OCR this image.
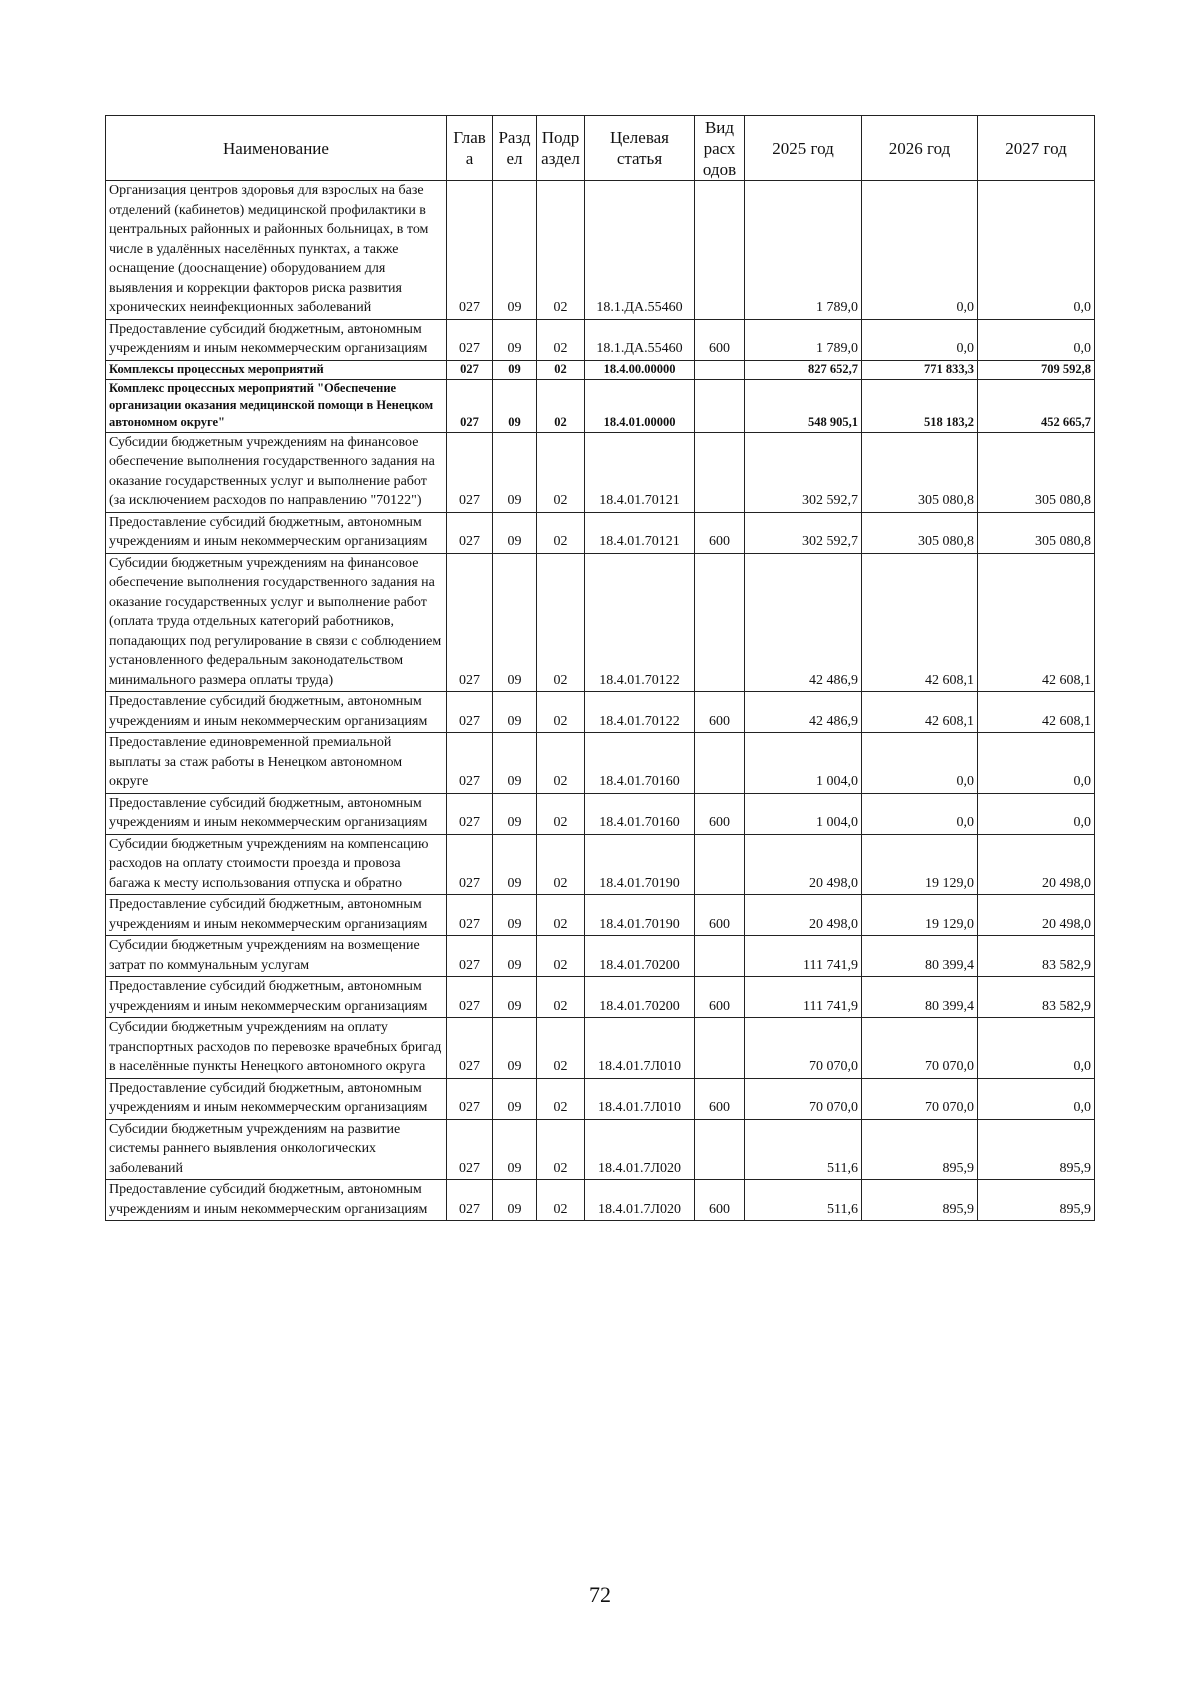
Наименование	Глав а	Разд ел	Подр аздел	Целевая статья	Вид расх одов	2025 год	2026 год	2027 год
Организация центров здоровья для взрослых на базе отделений (кабинетов) медицинской профилактики в центральных районных и районных больницах, в том числе в удалённых населённых пунктах, а также оснащение (дооснащение) оборудованием для выявления и коррекции факторов риска развития хронических неинфекционных заболеваний	027	09	02	18.1.ДА.55460		1 789,0	0,0	0,0
Предоставление субсидий бюджетным, автономным учреждениям и иным некоммерческим организациям	027	09	02	18.1.ДА.55460	600	1 789,0	0,0	0,0
Комплексы процессных мероприятий	027	09	02	18.4.00.00000		827 652,7	771 833,3	709 592,8
Комплекс процессных мероприятий "Обеспечение организации оказания медицинской помощи в Ненецком автономном округе"	027	09	02	18.4.01.00000		548 905,1	518 183,2	452 665,7
Субсидии бюджетным учреждениям на финансовое обеспечение выполнения государственного задания на оказание государственных услуг и выполнение работ (за исключением расходов по направлению "70122")	027	09	02	18.4.01.70121		302 592,7	305 080,8	305 080,8
Предоставление субсидий бюджетным, автономным учреждениям и иным некоммерческим организациям	027	09	02	18.4.01.70121	600	302 592,7	305 080,8	305 080,8
Субсидии бюджетным учреждениям на финансовое обеспечение выполнения государственного задания на оказание государственных услуг и выполнение работ (оплата труда отдельных категорий работников, попадающих под регулирование в связи с соблюдением установленного федеральным законодательством минимального размера оплаты труда)	027	09	02	18.4.01.70122		42 486,9	42 608,1	42 608,1
Предоставление субсидий бюджетным, автономным учреждениям и иным некоммерческим организациям	027	09	02	18.4.01.70122	600	42 486,9	42 608,1	42 608,1
Предоставление единовременной премиальной выплаты за стаж работы в Ненецком автономном округе	027	09	02	18.4.01.70160		1 004,0	0,0	0,0
Предоставление субсидий бюджетным, автономным учреждениям и иным некоммерческим организациям	027	09	02	18.4.01.70160	600	1 004,0	0,0	0,0
Субсидии бюджетным учреждениям на компенсацию расходов на оплату стоимости проезда и провоза багажа к месту использования отпуска и обратно	027	09	02	18.4.01.70190		20 498,0	19 129,0	20 498,0
Предоставление субсидий бюджетным, автономным учреждениям и иным некоммерческим организациям	027	09	02	18.4.01.70190	600	20 498,0	19 129,0	20 498,0
Субсидии бюджетным учреждениям на возмещение затрат по коммунальным услугам	027	09	02	18.4.01.70200		111 741,9	80 399,4	83 582,9
Предоставление субсидий бюджетным, автономным учреждениям и иным некоммерческим организациям	027	09	02	18.4.01.70200	600	111 741,9	80 399,4	83 582,9
Субсидии бюджетным учреждениям на оплату транспортных расходов по перевозке врачебных бригад в населённые пункты Ненецкого автономного округа	027	09	02	18.4.01.7Л010		70 070,0	70 070,0	0,0
Предоставление субсидий бюджетным, автономным учреждениям и иным некоммерческим организациям	027	09	02	18.4.01.7Л010	600	70 070,0	70 070,0	0,0
Субсидии бюджетным учреждениям на развитие системы раннего выявления онкологических заболеваний	027	09	02	18.4.01.7Л020		511,6	895,9	895,9
Предоставление субсидий бюджетным, автономным учреждениям и иным некоммерческим организациям	027	09	02	18.4.01.7Л020	600	511,6	895,9	895,9
72
